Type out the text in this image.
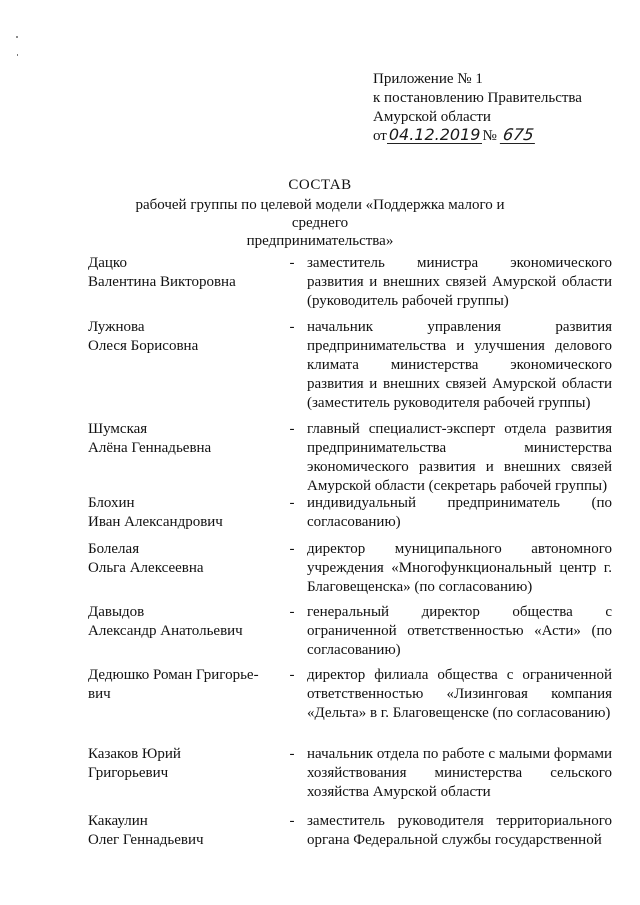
Приложение № 1
к постановлению Правительства
Амурской области
от 04.12.2019 № 675
СОСТАВ
рабочей группы по целевой модели «Поддержка малого и среднего
предпринимательства»
Дацко
Валентина Викторовна
- заместитель министра экономического развития и внешних связей Амурской области (руководитель рабочей группы)
Лужнова
Олеся Борисовна
- начальник управления развития предпринимательства и улучшения делового климата министерства экономического развития и внешних связей Амурской области (заместитель руководителя рабочей группы)
Шумская
Алёна Геннадьевна
- главный специалист-эксперт отдела развития предпринимательства министерства экономического развития и внешних связей Амурской области (секретарь рабочей группы)
Блохин
Иван Александрович
- индивидуальный предприниматель (по согласованию)
Болелая
Ольга Алексеевна
- директор муниципального автономного учреждения «Многофункциональный центр г. Благовещенска» (по согласованию)
Давыдов
Александр Анатольевич
- генеральный директор общества с ограниченной ответственностью «Асти» (по согласованию)
Дедюшко Роман Григорье-
вич
- директор филиала общества с ограниченной ответственностью «Лизинговая компания «Дельта» в г. Благовещенске (по согласованию)
Казаков Юрий
Григорьевич
- начальник отдела по работе с малыми формами хозяйствования министерства сельского хозяйства Амурской области
Какаулин
Олег Геннадьевич
- заместитель руководителя территориального органа Федеральной службы государственной
